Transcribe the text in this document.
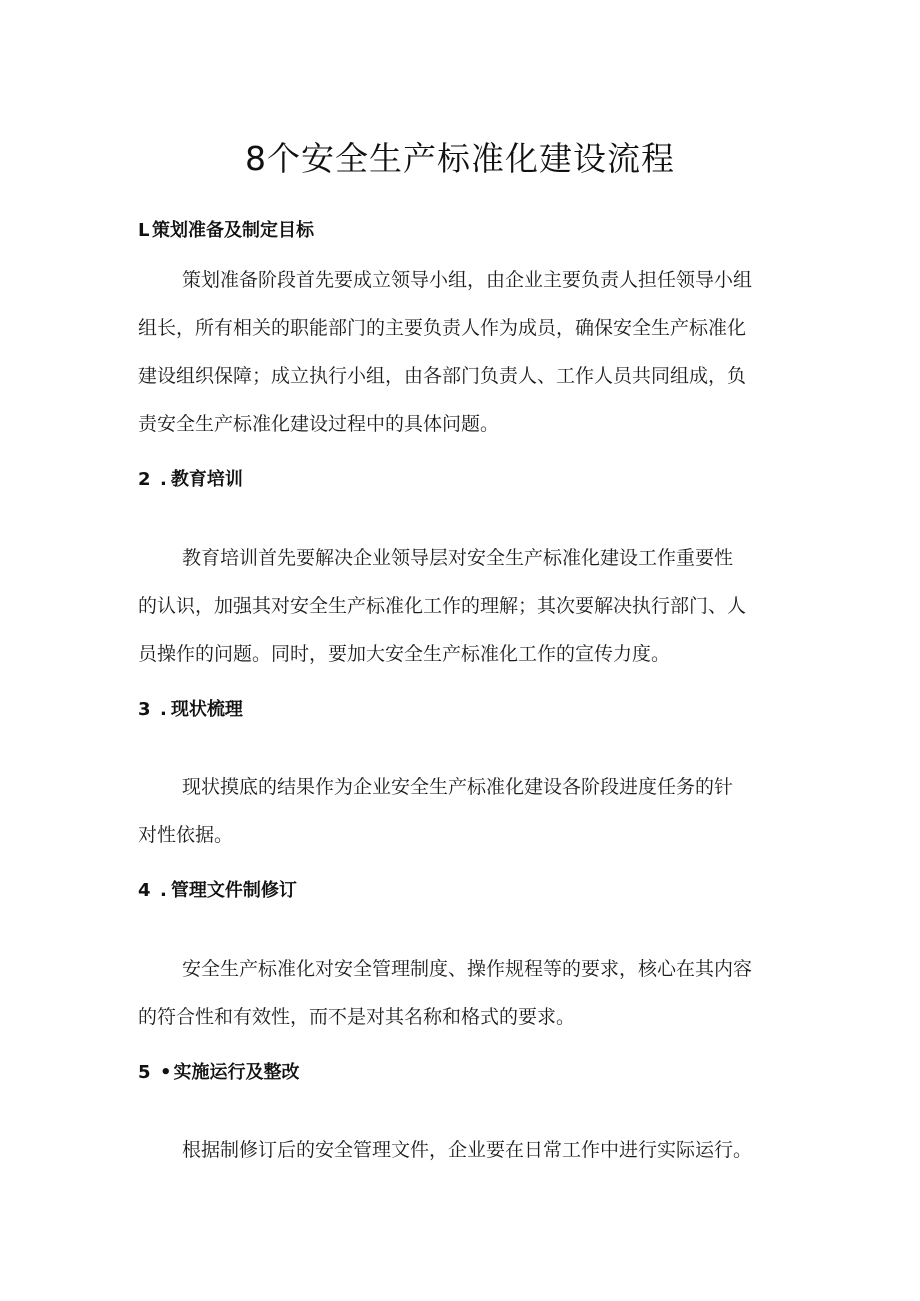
8个安全生产标准化建设流程
L 策划准备及制定目标
策划准备阶段首先要成立领导小组，由企业主要负责人担任领导小组
组长，所有相关的职能部门的主要负责人作为成员，确保安全生产标准化
建设组织保障；成立执行小组，由各部门负责人、工作人员共同组成，负
责安全生产标准化建设过程中的具体问题。
2 . 教育培训
教育培训首先要解决企业领导层对安全生产标准化建设工作重要性
的认识，加强其对安全生产标准化工作的理解；其次要解决执行部门、人
员操作的问题。同时，要加大安全生产标准化工作的宣传力度。
3 . 现状梳理
现状摸底的结果作为企业安全生产标准化建设各阶段进度任务的针
对性依据。
4 . 管理文件制修订
安全生产标准化对安全管理制度、操作规程等的要求，核心在其内容
的符合性和有效性，而不是对其名称和格式的要求。
5 • 实施运行及整改
根据制修订后的安全管理文件，企业要在日常工作中进行实际运行。
